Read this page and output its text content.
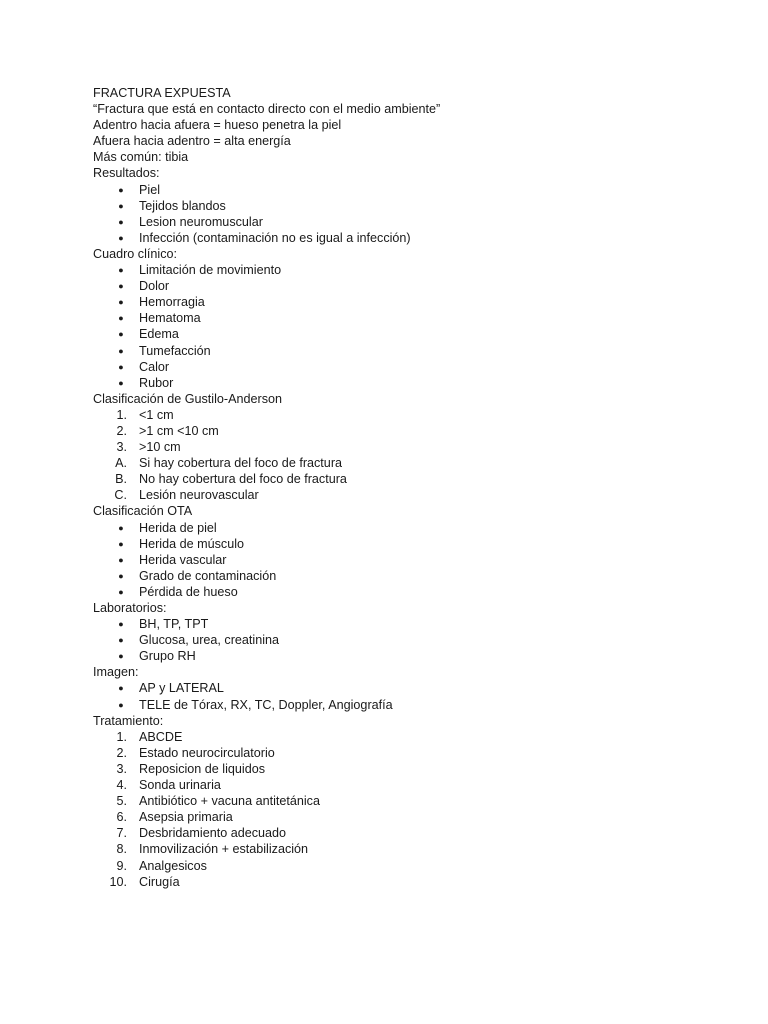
FRACTURA EXPUESTA
“Fractura que está en contacto directo con el medio ambiente”
Adentro hacia afuera = hueso penetra la piel
Afuera hacia adentro = alta energía
Más común: tibia
Resultados:
●	Piel
●	Tejidos blandos
●	Lesion neuromuscular
●	Infección (contaminación no es igual a infección)
Cuadro clínico:
●	Limitación de movimiento
●	Dolor
●	Hemorragia
●	Hematoma
●	Edema
●	Tumefacción
●	Calor
●	Rubor
Clasificación de Gustilo-Anderson
1. <1 cm
2. >1 cm <10 cm
3. >10 cm
A. Si hay cobertura del foco de fractura
B. No hay cobertura del foco de fractura
C. Lesión neurovascular
Clasificación OTA
●	Herida de piel
●	Herida de músculo
●	Herida vascular
●	Grado de contaminación
●	Pérdida de hueso
Laboratorios:
●	BH, TP, TPT
●	Glucosa, urea, creatinina
●	Grupo RH
Imagen:
●	AP y LATERAL
●	TELE de Tórax, RX, TC, Doppler, Angiografía
Tratamiento:
1. ABCDE
2. Estado neurocirculatorio
3. Reposicion de liquidos
4. Sonda urinaria
5. Antibiótico + vacuna antitetánica
6. Asepsia primaria
7. Desbridamiento adecuado
8. Inmovilización + estabilización
9. Analgesicos
10. Cirugía
